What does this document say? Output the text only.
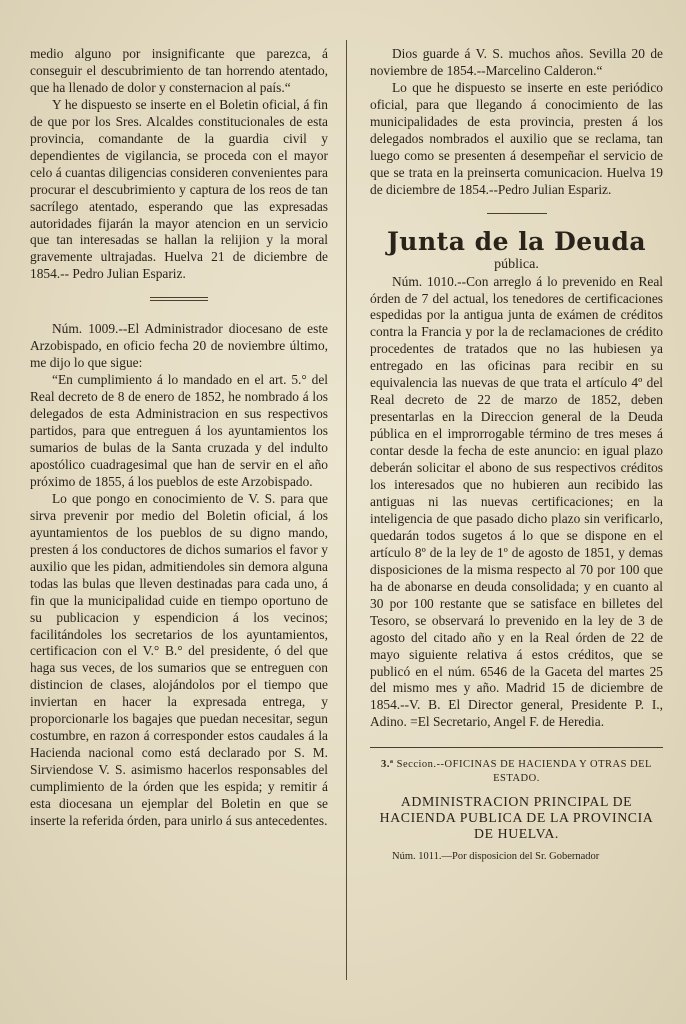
medio alguno por insignificante que parezca, á conseguir el descubrimiento de tan horrendo atentado, que ha llenado de dolor y consternacion al país.“

Y he dispuesto se inserte en el Boletin oficial, á fin de que por los Sres. Alcaldes constitucionales de esta provincia, comandante de la guardia civil y dependientes de vigilancia, se proceda con el mayor celo á cuantas diligencias consideren convenientes para procurar el descubrimiento y captura de los reos de tan sacrílego atentado, esperando que las expresadas autoridades fijarán la mayor atencion en un servicio que tan interesadas se hallan la relijion y la moral gravemente ultrajadas. Huelva 21 de diciembre de 1854.-- Pedro Julian Espariz.

Núm. 1009.--El Administrador diocesano de este Arzobispado, en oficio fecha 20 de noviembre último, me dijo lo que sigue:

“En cumplimiento á lo mandado en el art. 5.° del Real decreto de 8 de enero de 1852, he nombrado á los delegados de esta Administracion en sus respectivos partidos, para que entreguen á los ayuntamientos los sumarios de bulas de la Santa cruzada y del indulto apostólico cuadragesimal que han de servir en el año próximo de 1855, á los pueblos de este Arzobispado.

Lo que pongo en conocimiento de V. S. para que sirva prevenir por medio del Boletin oficial, á los ayuntamientos de los pueblos de su digno mando, presten á los conductores de dichos sumarios el favor y auxilio que les pidan, admitiendoles sin demora alguna todas las bulas que lleven destinadas para cada uno, á fin que la municipalidad cuide en tiempo oportuno de su publicacion y espendicion á los vecinos; facilitándoles los secretarios de los ayuntamientos, certificacion con el V.° B.° del presidente, ó del que haga sus veces, de los sumarios que se entreguen con distincion de clases, alojándolos por el tiempo que inviertan en hacer la expresada entrega, y proporcionarle los bagajes que puedan necesitar, segun costumbre, en razon á corresponder estos caudales á la Hacienda nacional como está declarado por S. M. Sirviendose V. S. asimismo hacerlos responsables del cumplimiento de la órden que les espida; y remitir á esta diocesana un ejemplar del Boletin en que se inserte la referida órden, para unirlo á sus antecedentes.

Dios guarde á V. S. muchos años. Sevilla 20 de noviembre de 1854.--Marcelino Calderon.“

Lo que he dispuesto se inserte en este periódico oficial, para que llegando á conocimiento de las municipalidades de esta provincia, presten á los delegados nombrados el auxilio que se reclama, tan luego como se presenten á desempeñar el servicio de que se trata en la preinserta comunicacion. Huelva 19 de diciembre de 1854.--Pedro Julian Espariz.

Junta de la Deuda
pública.

Núm. 1010.--Con arreglo á lo prevenido en Real órden de 7 del actual, los tenedores de certificaciones espedidas por la antigua junta de exámen de créditos contra la Francia y por la de reclamaciones de crédito procedentes de tratados que no las hubiesen ya entregado en las oficinas para recibir en su equivalencia las nuevas de que trata el artículo 4º del Real decreto de 22 de marzo de 1852, deben presentarlas en la Direccion general de la Deuda pública en el improrrogable término de tres meses á contar desde la fecha de este anuncio: en igual plazo deberán solicitar el abono de sus respectivos créditos los interesados que no hubieren aun recibido las antiguas ni las nuevas certificaciones; en la inteligencia de que pasado dicho plazo sin verificarlo, quedarán todos sugetos á lo que se dispone en el artículo 8º de la ley de 1º de agosto de 1851, y demas disposiciones de la misma respecto al 70 por 100 que ha de abonarse en deuda consolidada; y en cuanto al 30 por 100 restante que se satisface en billetes del Tesoro, se observará lo prevenido en la ley de 3 de agosto del citado año y en la Real órden de 22 de mayo siguiente relativa á estos créditos, que se publicó en el núm. 6546 de la Gaceta del martes 25 del mismo mes y año. Madrid 15 de diciembre de 1854.--V. B. El Director general, Presidente P. I., Adino. =El Secretario, Angel F. de Heredia.

3.ª Seccion.--OFICINAS DE HACIENDA Y OTRAS DEL ESTADO.
ADMINISTRACION PRINCIPAL DE HACIENDA PUBLICA DE LA PROVINCIA DE HUELVA.

Núm. 1011.—Por disposicion del Sr. Gobernador
